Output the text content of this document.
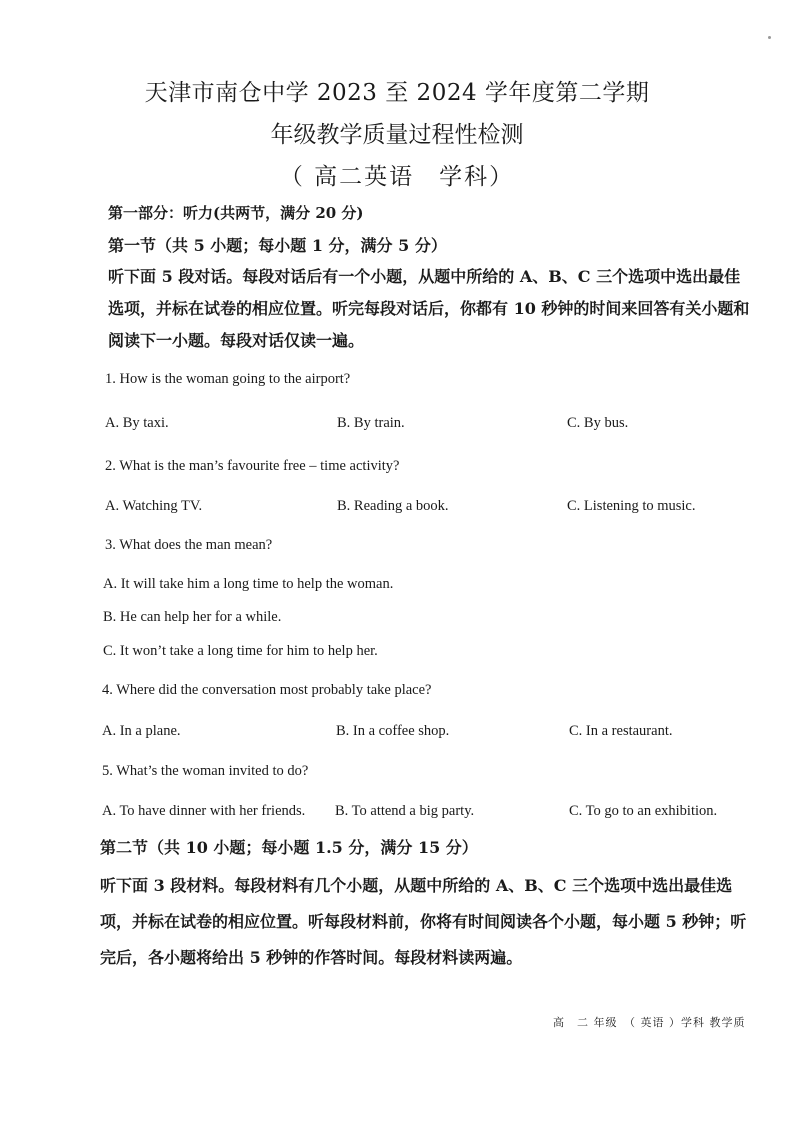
天津市南仓中学 2023 至 2024 学年度第二学期
年级教学质量过程性检测
（ 高二英语　学科）
第一部分：听力(共两节，满分 20 分)
第一节（共 5 小题；每小题 1 分，满分 5 分）
听下面 5 段对话。每段对话后有一个小题，从题中所给的 A、B、C 三个选项中选出最佳选项，并标在试卷的相应位置。听完每段对话后，你都有 10 秒钟的时间来回答有关小题和阅读下一小题。每段对话仅读一遍。
1. How is the woman going to the airport?
A. By taxi.	B. By train.	C. By bus.
2. What is the man’s favourite free – time activity?
A. Watching TV.	B. Reading a book.	C. Listening to music.
3. What does the man mean?
A. It will take him a long time to help the woman.
B. He can help her for a while.
C. It won’t take a long time for him to help her.
4. Where did the conversation most probably take place?
A. In a plane.	B. In a coffee shop.	C. In a restaurant.
5. What’s the woman invited to do?
A. To have dinner with her friends. B. To attend a big party.	C. To go to an exhibition.
第二节（共 10 小题；每小题 1.5 分，满分 15 分）
听下面 3 段材料。每段材料有几个小题，从题中所给的 A、B、C 三个选项中选出最佳选项，并标在试卷的相应位置。听每段材料前，你将有时间阅读各个小题，每小题 5 秒钟；听完后，各小题将给出 5 秒钟的作答时间。每段材料读两遍。
高　二 年级　（ 英语 ）学科 教学质
